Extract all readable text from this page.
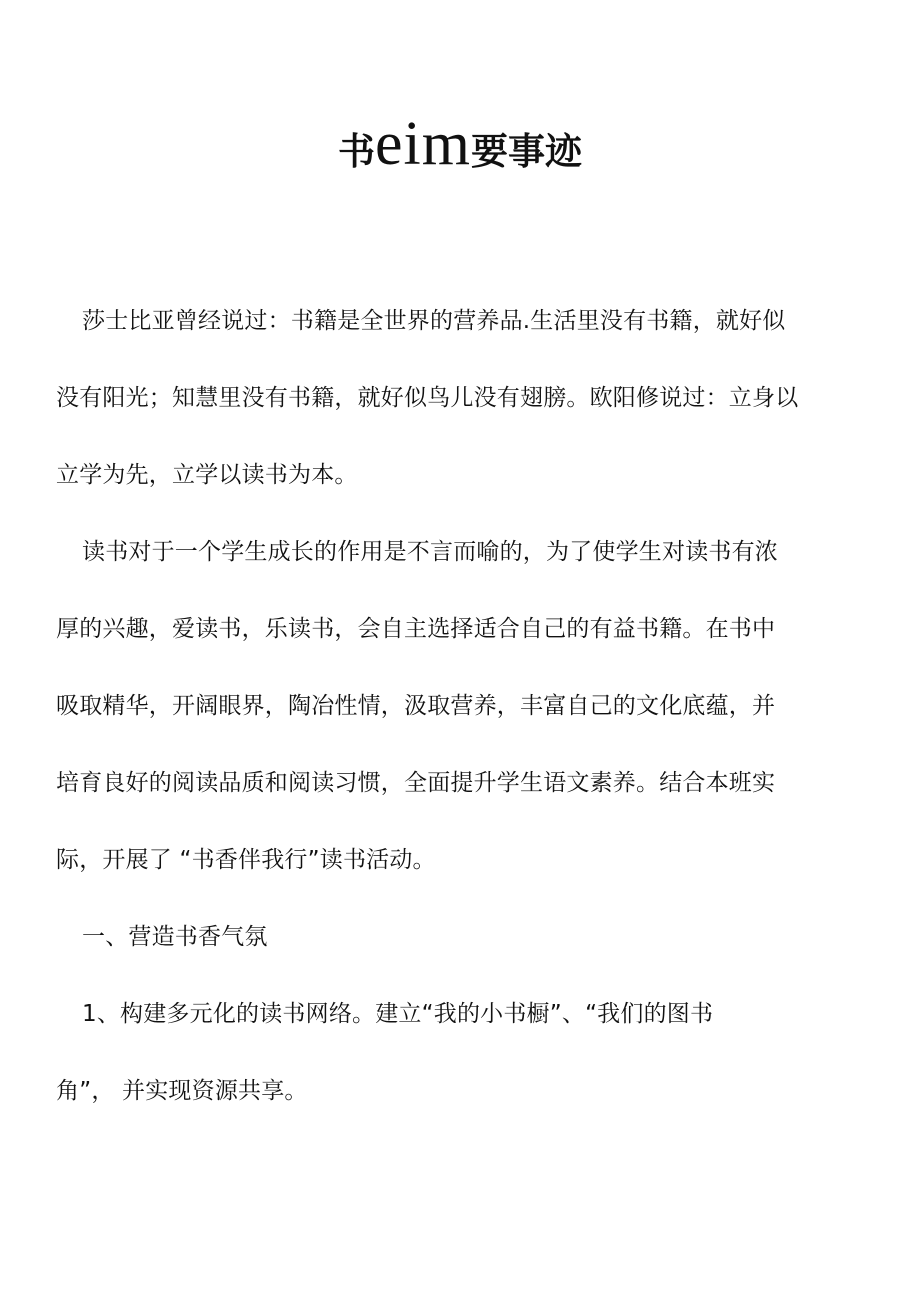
书eim要事迹

莎士比亚曾经说过：书籍是全世界的营养品.生活里没有书籍，就好似

没有阳光；知慧里没有书籍，就好似鸟儿没有翅膀。欧阳修说过：立身以

立学为先，立学以读书为本。

读书对于一个学生成长的作用是不言而喻的，为了使学生对读书有浓

厚的兴趣，爱读书，乐读书，会自主选择适合自己的有益书籍。在书中

吸取精华，开阔眼界，陶冶性情，汲取营养，丰富自己的文化底蕴，并

培育良好的阅读品质和阅读习惯，全面提升学生语文素养。结合本班实

际，开展了 “书香伴我行”读书活动。

一、营造书香气氛

1、构建多元化的读书网络。建立“我的小书橱”、“我们的图书

角”， 并实现资源共享。
